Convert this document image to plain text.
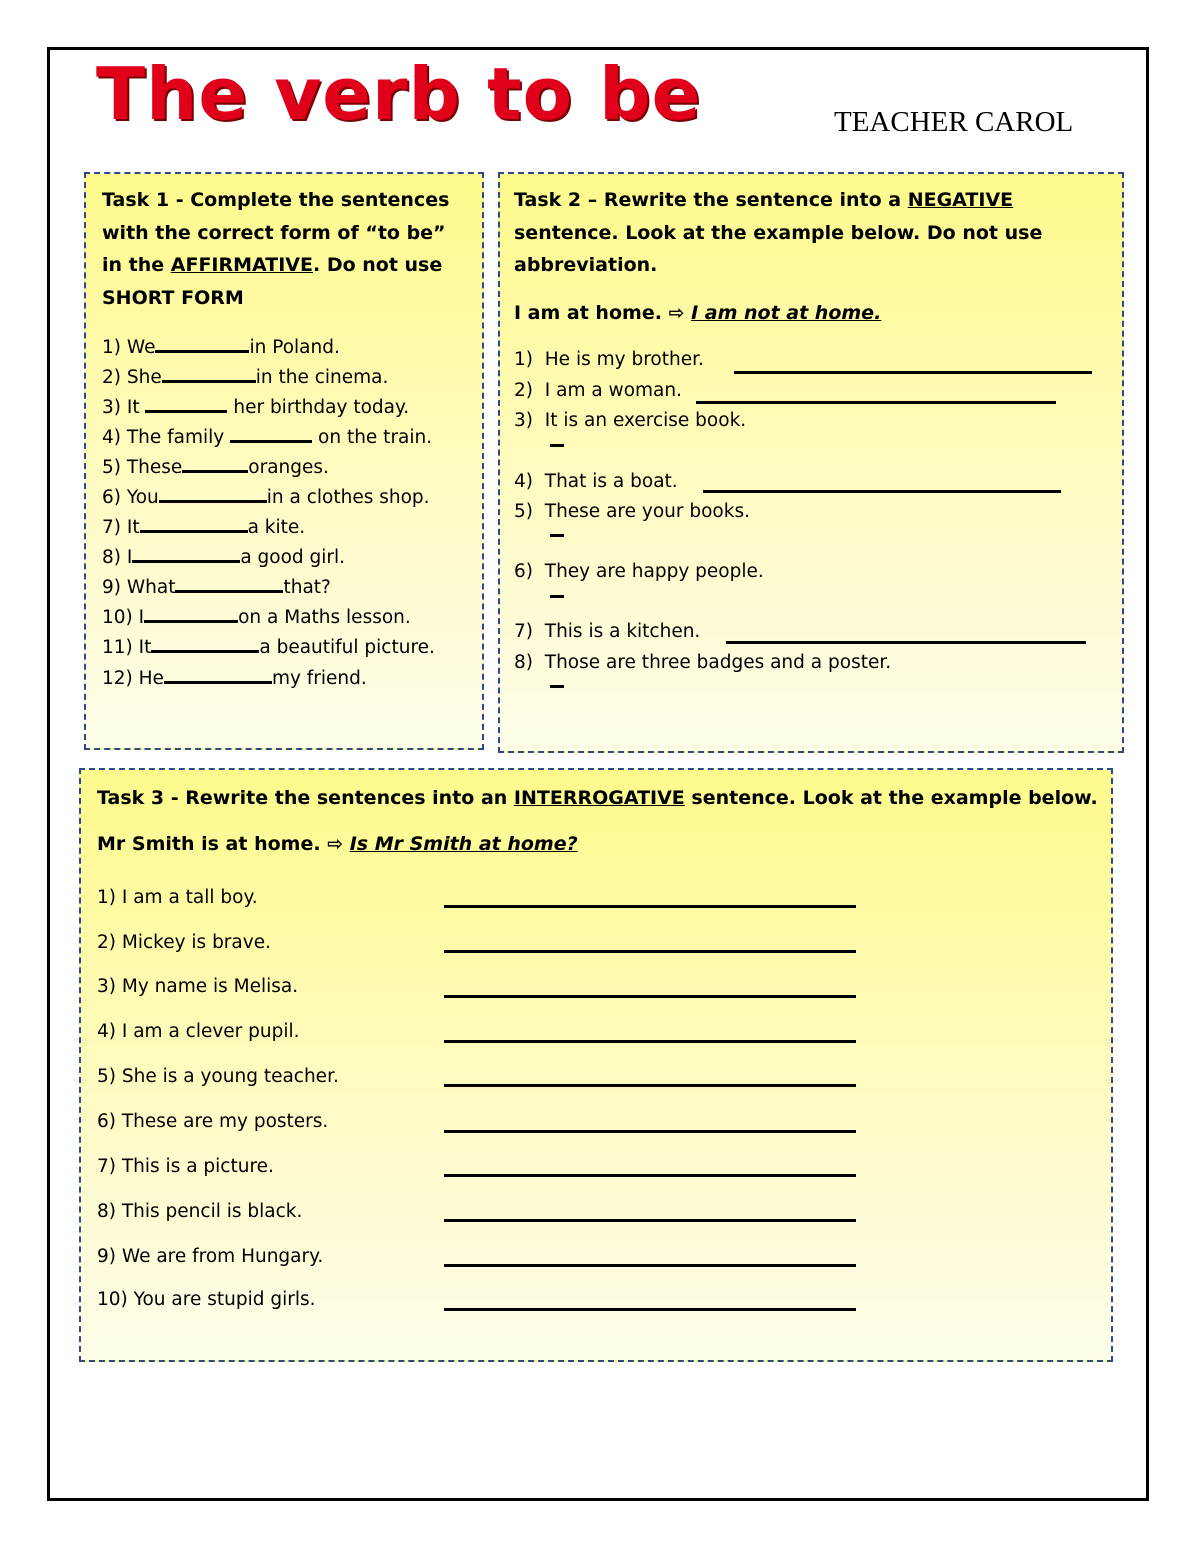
The verb to be	TEACHER CAROL
Task 1 - Complete the sentences with the correct form of “to be” in the AFFIRMATIVE. Do not use SHORT FORM
1) We	in Poland.
2) She	in the cinema.
3) It	her birthday today.
4) The family	on the train.
5) These	oranges.
6) You	in a clothes shop.
7) It	a kite.
8) I	a good girl.
9) What	that?
10) I	on a Maths lesson.
11) It	a beautiful picture.
12) He	my friend.
Task 2 – Rewrite the sentence into a NEGATIVE sentence. Look at the example below. Do not use abbreviation.
I am at home. ⇨ I am not at home.
1) He is my brother.
2) I am a woman.
3) It is an exercise book.
4) That is a boat.
5) These are your books.
6) They are happy people.
7) This is a kitchen.
8) Those are three badges and a poster.
Task 3 - Rewrite the sentences into an INTERROGATIVE sentence. Look at the example below.
Mr Smith is at home. ⇨ Is Mr Smith at home?
1) I am a tall boy.
2) Mickey is brave.
3) My name is Melisa.
4) I am a clever pupil.
5) She is a young teacher.
6) These are my posters.
7) This is a picture.
8) This pencil is black.
9) We are from Hungary.
10) You are stupid girls.
